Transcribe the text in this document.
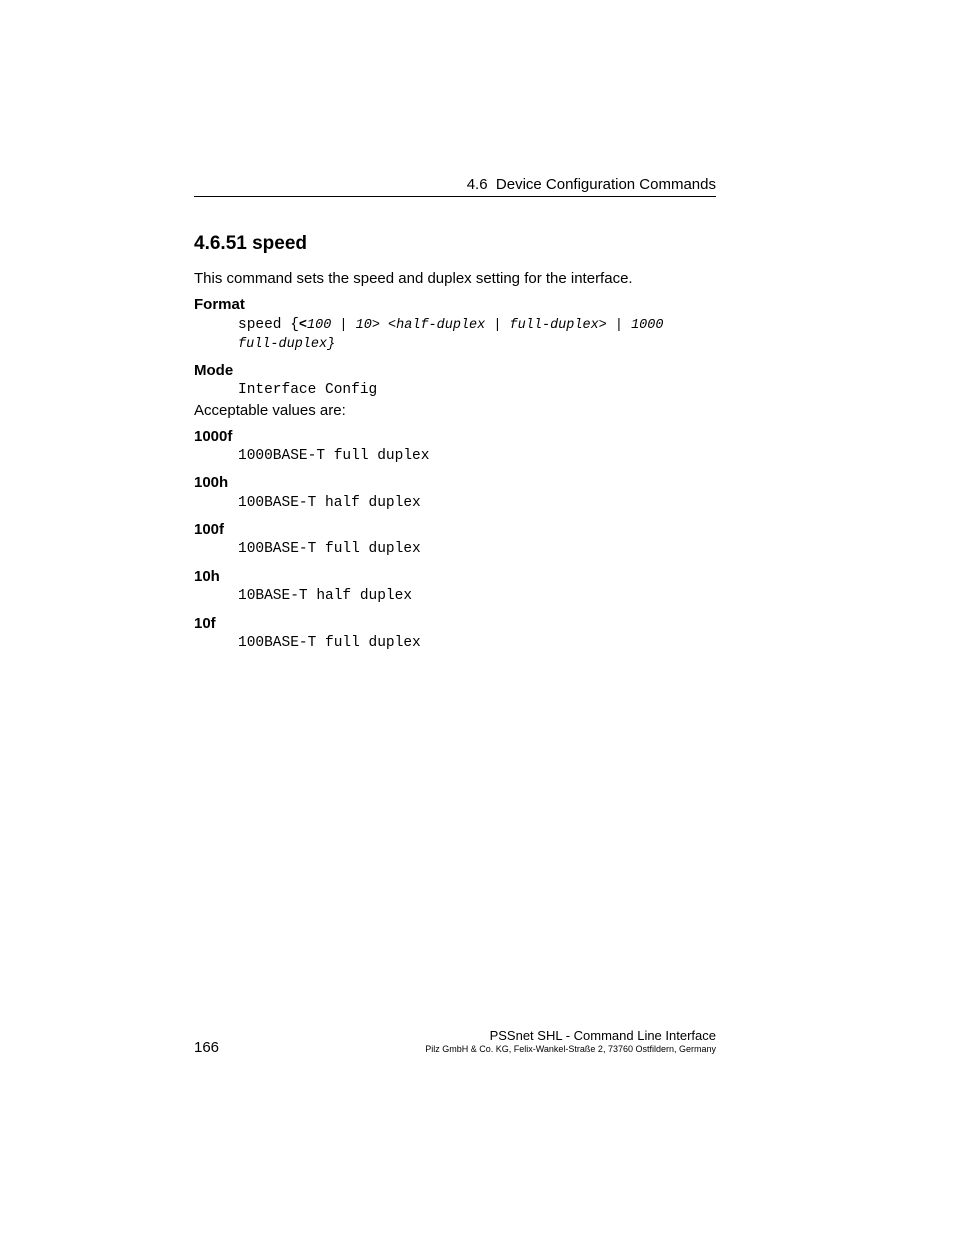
4.6 Device Configuration Commands
4.6.51 speed
This command sets the speed and duplex setting for the interface.
Format
speed {<100 | 10> <half-duplex | full-duplex> | 1000
full-duplex}
Mode
Interface Config
Acceptable values are:
1000f
1000BASE-T full duplex
100h
100BASE-T half duplex
100f
100BASE-T full duplex
10h
10BASE-T half duplex
10f
100BASE-T full duplex
166
PSSnet SHL - Command Line Interface
Pilz GmbH & Co. KG, Felix-Wankel-Straße 2, 73760 Ostfildern, Germany
